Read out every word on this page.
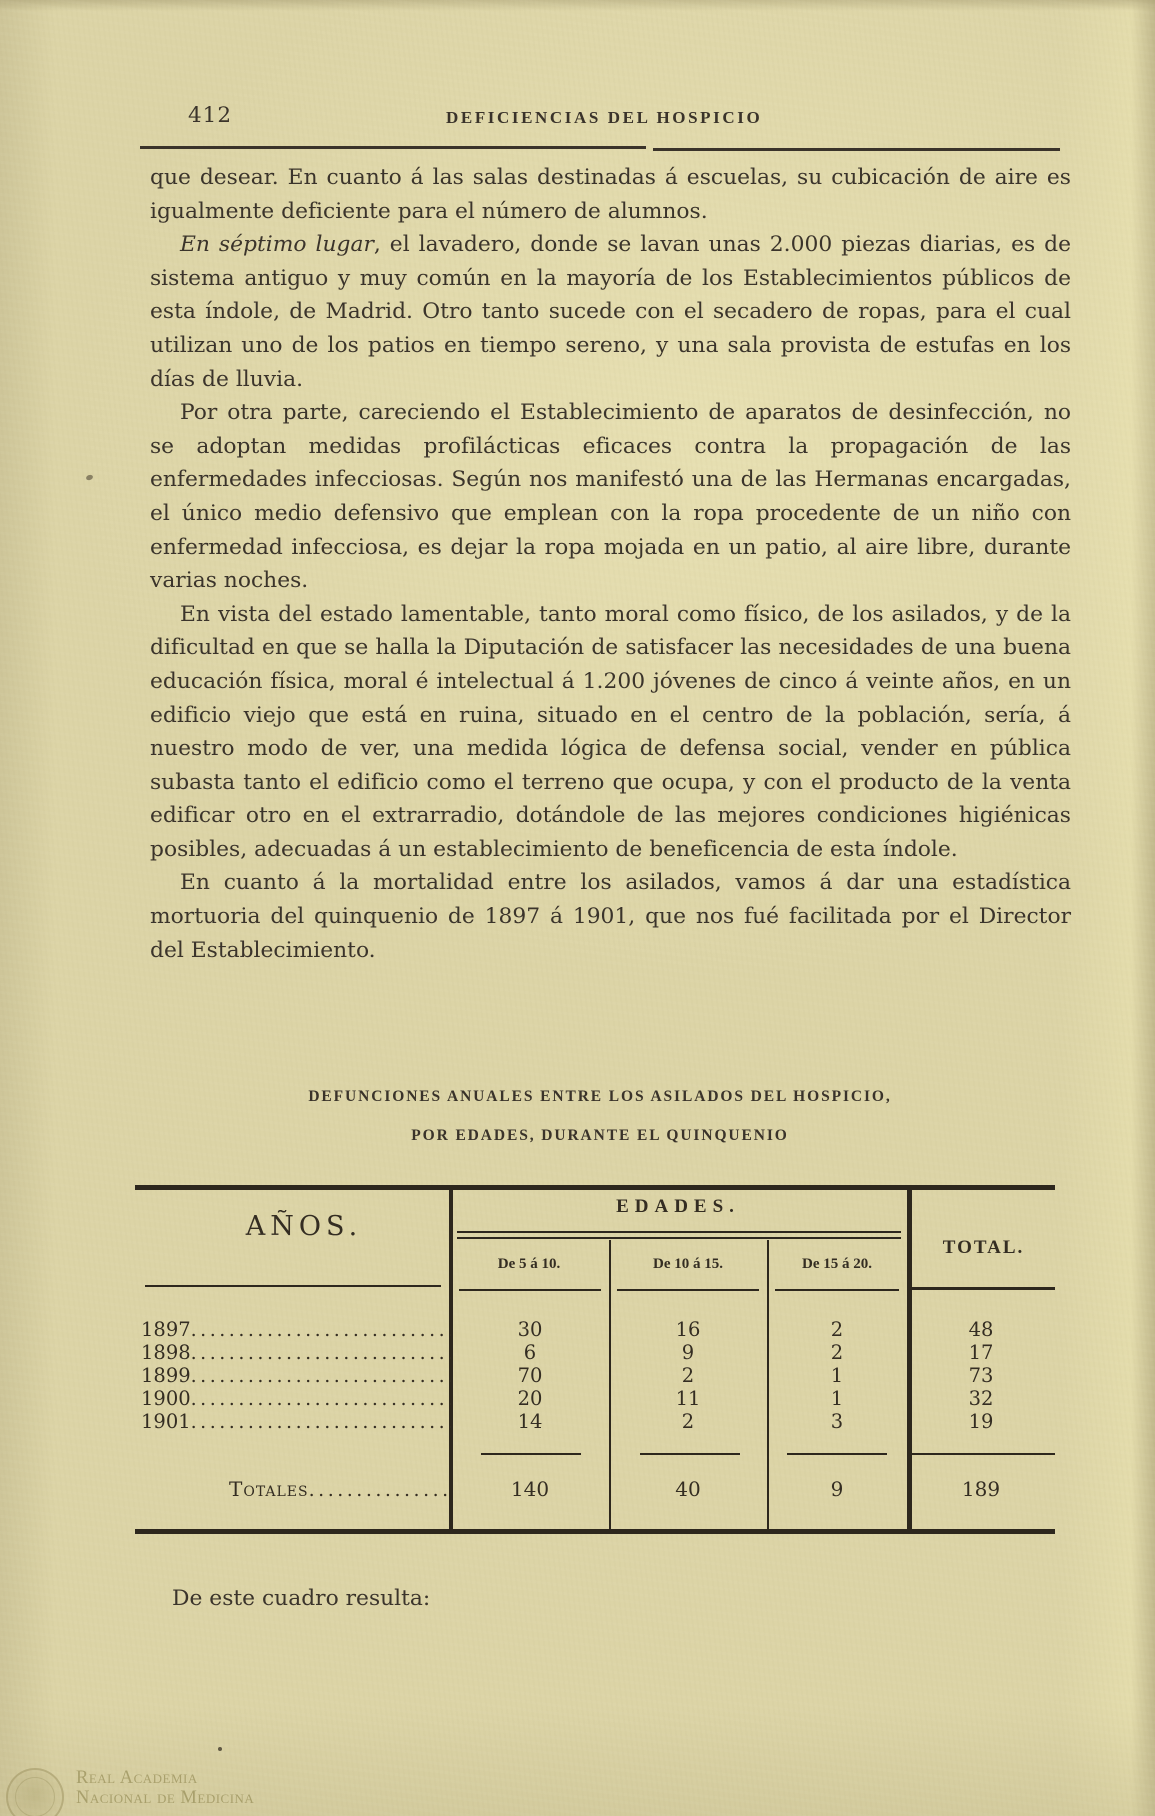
412	DEFICIENCIAS DEL HOSPICIO

que desear. En cuanto á las salas destinadas á escuelas, su cubicación de aire es igualmente deficiente para el número de alumnos.

En séptimo lugar, el lavadero, donde se lavan unas 2.000 piezas diarias, es de sistema antiguo y muy común en la mayoría de los Establecimientos públicos de esta índole, de Madrid. Otro tanto sucede con el secadero de ropas, para el cual utilizan uno de los patios en tiempo sereno, y una sala provista de estufas en los días de lluvia.

Por otra parte, careciendo el Establecimiento de aparatos de desinfección, no se adoptan medidas profilácticas eficaces contra la propagación de las enfermedades infecciosas. Según nos manifestó una de las Hermanas encargadas, el único medio defensivo que emplean con la ropa procedente de un niño con enfermedad infecciosa, es dejar la ropa mojada en un patio, al aire libre, durante varias noches.

En vista del estado lamentable, tanto moral como físico, de los asilados, y de la dificultad en que se halla la Diputación de satisfacer las necesidades de una buena educación física, moral é intelectual á 1.200 jóvenes de cinco á veinte años, en un edificio viejo que está en ruina, situado en el centro de la población, sería, á nuestro modo de ver, una medida lógica de defensa social, vender en pública subasta tanto el edificio como el terreno que ocupa, y con el producto de la venta edificar otro en el extrarradio, dotándole de las mejores condiciones higiénicas posibles, adecuadas á un establecimiento de beneficencia de esta índole.

En cuanto á la mortalidad entre los asilados, vamos á dar una estadística mortuoria del quinquenio de 1897 á 1901, que nos fué facilitada por el Director del Establecimiento.

DEFUNCIONES ANUALES ENTRE LOS ASILADOS DEL HOSPICIO,
POR EDADES, DURANTE EL QUINQUENIO
AÑOS.
EDADES.
TOTAL.
De 5 á 10.	De 10 á 15.	De 15 á 20.
1897 .....	30	16	2	48
1898 .....	6	9	2	17
1899 .....	70	2	1	73
1900 .....	20	11	1	32
1901 .....	14	2	3	19
Totales .....	140	40	9	189
De este cuadro resulta:
Real Academia
Nacional de Medicina
